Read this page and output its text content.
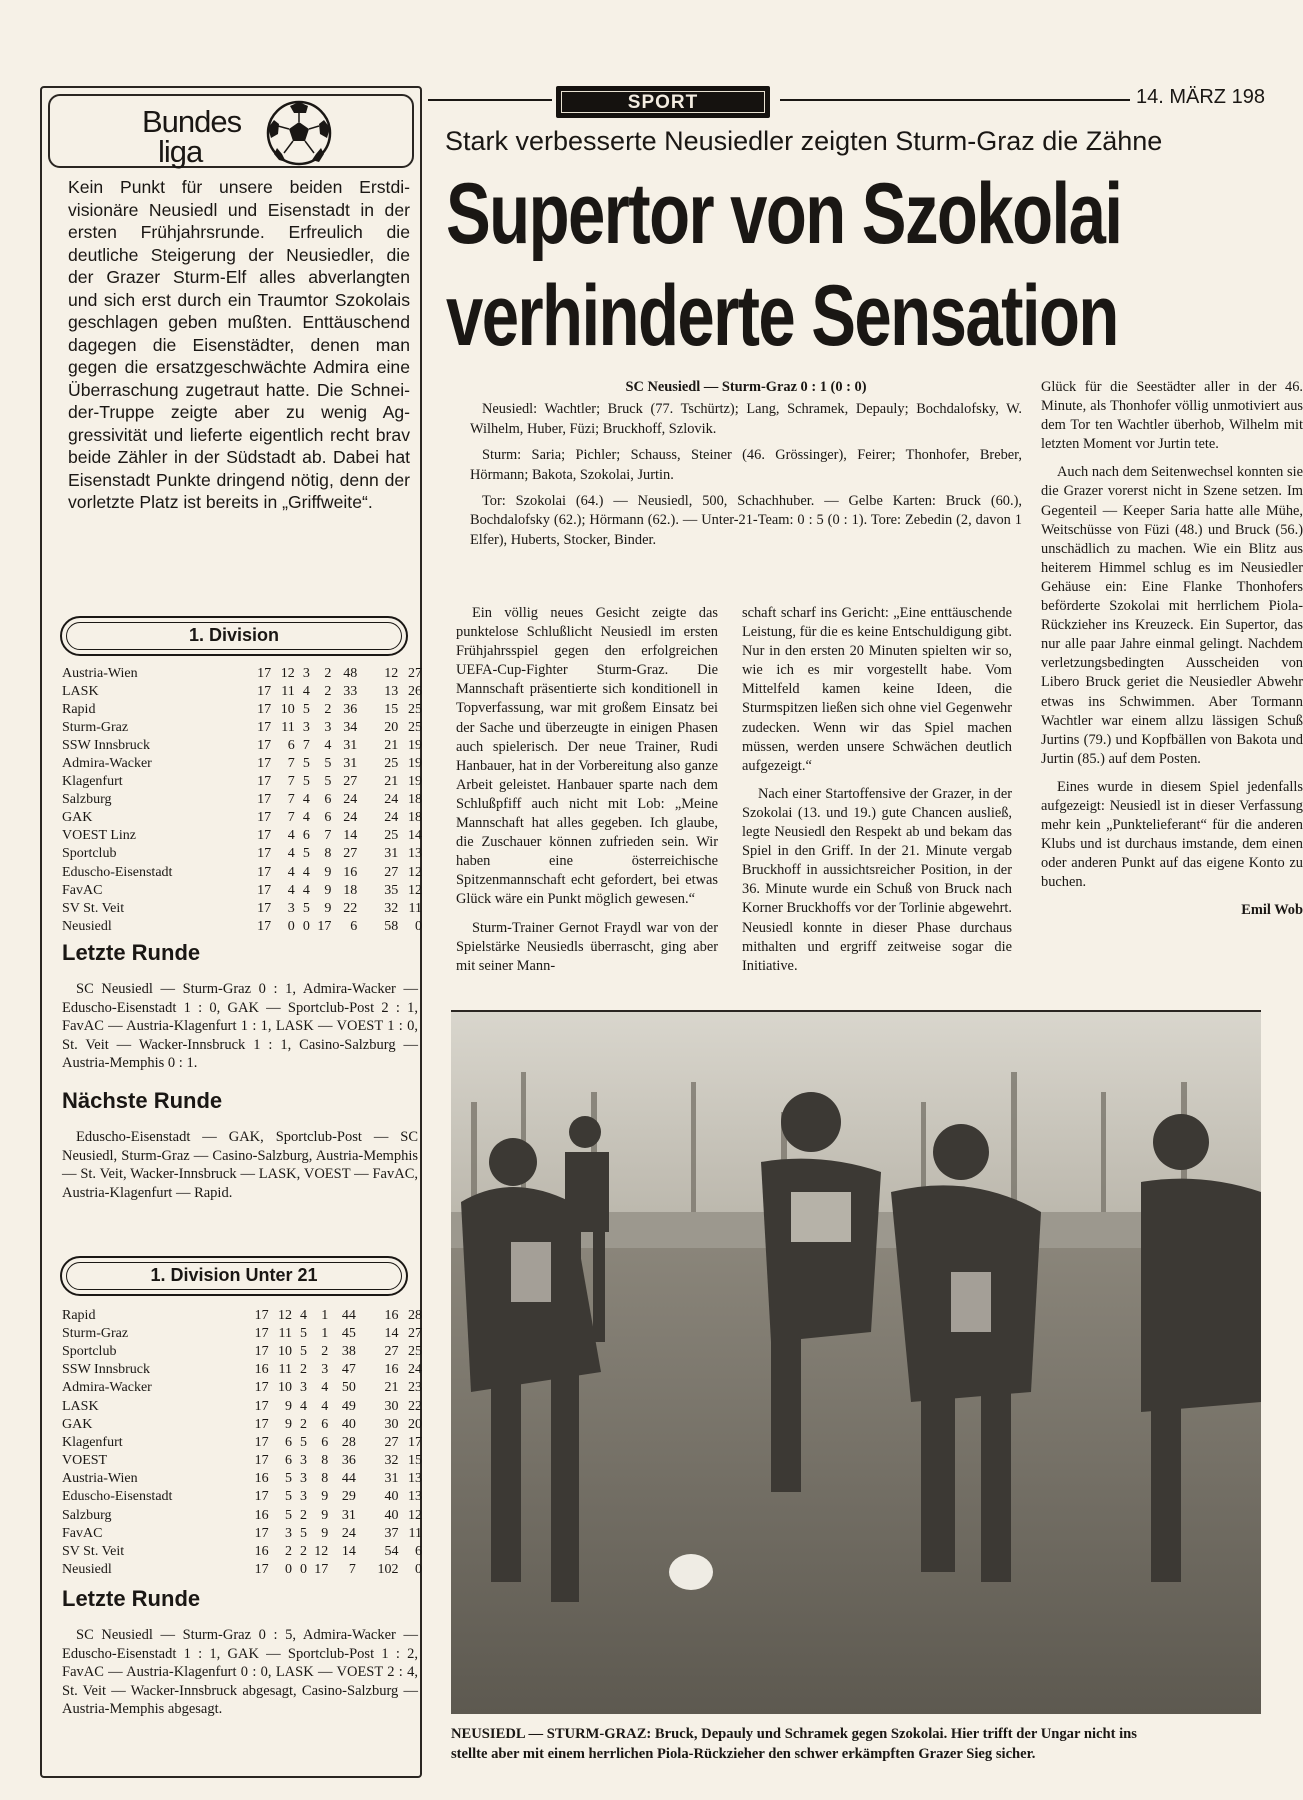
Bundes
liga
Kein Punkt für unsere beiden Erstdivisionäre Neusiedl und Eisenstadt in der ersten Frühjahrsrunde. Erfreulich die deutliche Steigerung der Neusiedler, die der Grazer Sturm-Elf alles abverlangten und sich erst durch ein Traumtor Szokolais geschlagen geben mußten. Enttäuschend dagegen die Eisenstädter, denen man gegen die ersatzgeschwächte Admira eine Überraschung zugetraut hatte. Die Schneider-Truppe zeigte aber zu wenig Aggressivität und lieferte eigentlich recht brav beide Zähler in der Südstadt ab. Dabei hat Eisenstadt Punkte dringend nötig, denn der vorletzte Platz ist bereits in „Griffweite“.
1. Division
Austria-Wien	17	12	3	2	48	12	27
LASK	17	11	4	2	33	13	26
Rapid	17	10	5	2	36	15	25
Sturm-Graz	17	11	3	3	34	20	25
SSW Innsbruck	17	6	7	4	31	21	19
Admira-Wacker	17	7	5	5	31	25	19
Klagenfurt	17	7	5	5	27	21	19
Salzburg	17	7	4	6	24	24	18
GAK	17	7	4	6	24	24	18
VOEST Linz	17	4	6	7	14	25	14
Sportclub	17	4	5	8	27	31	13
Eduscho-Eisenstadt	17	4	4	9	16	27	12
FavAC	17	4	4	9	18	35	12
SV St. Veit	17	3	5	9	22	32	11
Neusiedl	17	0	0	17	6	58	0
Letzte Runde
SC Neusiedl — Sturm-Graz 0 : 1, Admira-Wacker — Eduscho-Eisenstadt 1 : 0, GAK — Sportclub-Post 2 : 1, FavAC — Austria-Klagenfurt 1 : 1, LASK — VOEST 1 : 0, St. Veit — Wacker-Innsbruck 1 : 1, Casino-Salzburg — Austria-Memphis 0 : 1.
Nächste Runde
Eduscho-Eisenstadt — GAK, Sportclub-Post — SC Neusiedl, Sturm-Graz — Casino-Salzburg, Austria-Memphis — St. Veit, Wacker-Innsbruck — LASK, VOEST — FavAC, Austria-Klagenfurt — Rapid.
1. Division Unter 21
Rapid	17	12	4	1	44	16	28
Sturm-Graz	17	11	5	1	45	14	27
Sportclub	17	10	5	2	38	27	25
SSW Innsbruck	16	11	2	3	47	16	24
Admira-Wacker	17	10	3	4	50	21	23
LASK	17	9	4	4	49	30	22
GAK	17	9	2	6	40	30	20
Klagenfurt	17	6	5	6	28	27	17
VOEST	17	6	3	8	36	32	15
Austria-Wien	16	5	3	8	44	31	13
Eduscho-Eisenstadt	17	5	3	9	29	40	13
Salzburg	16	5	2	9	31	40	12
FavAC	17	3	5	9	24	37	11
SV St. Veit	16	2	2	12	14	54	6
Neusiedl	17	0	0	17	7	102	0
Letzte Runde
SC Neusiedl — Sturm-Graz 0 : 5, Admira-Wacker — Eduscho-Eisenstadt 1 : 1, GAK — Sportclub-Post 1 : 2, FavAC — Austria-Klagenfurt 0 : 0, LASK — VOEST 2 : 4, St. Veit — Wacker-Innsbruck abgesagt, Casino-Salzburg — Austria-Memphis abgesagt.
SPORT	14. MÄRZ 198
Stark verbesserte Neusiedler zeigten Sturm-Graz die Zähne
Supertor von Szokolai
verhinderte Sensation

SC Neusiedl — Sturm-Graz 0 : 1 (0 : 0)

Neusiedl: Wachtler; Bruck (77. Tschürtz); Lang, Schramek, Depauly; Bochdalofsky, W. Wilhelm, Huber, Füzi; Bruckhoff, Szlovik.

Sturm: Saria; Pichler; Schauss, Steiner (46. Grössinger), Feirer; Thonhofer, Breber, Hörmann; Bakota, Szokolai, Jurtin.

Tor: Szokolai (64.) — Neusiedl, 500, Schachhuber. — Gelbe Karten: Bruck (60.), Bochdalofsky (62.); Hörmann (62.). — Unter-21-Team: 0 : 5 (0 : 1). Tore: Zebedin (2, davon 1 Elfer), Huberts, Stocker, Binder.

Ein völlig neues Gesicht zeigte das punktelose Schlußlicht Neusiedl im ersten Frühjahrsspiel gegen den erfolgreichen UEFA-Cup-Fighter Sturm-Graz. Die Mannschaft präsentierte sich konditionell in Topverfassung, war mit großem Einsatz bei der Sache und überzeugte in einigen Phasen auch spielerisch. Der neue Trainer, Rudi Hanbauer, hat in der Vorbereitung also ganze Arbeit geleistet. Hanbauer sparte nach dem Schlußpfiff auch nicht mit Lob: „Meine Mannschaft hat alles gegeben. Ich glaube, die Zuschauer können zufrieden sein. Wir haben eine österreichische Spitzenmannschaft echt gefordert, bei etwas Glück wäre ein Punkt möglich gewesen.“

Sturm-Trainer Gernot Fraydl war von der Spielstärke Neusiedls überrascht, ging aber mit seiner Mann-

schaft scharf ins Gericht: „Eine enttäuschende Leistung, für die es keine Entschuldigung gibt. Nur in den ersten 20 Minuten spielten wir so, wie ich es mir vorgestellt habe. Vom Mittelfeld kamen keine Ideen, die Sturmspitzen ließen sich ohne viel Gegenwehr zudecken. Wenn wir das Spiel machen müssen, werden unsere Schwächen deutlich aufgezeigt.“

Nach einer Startoffensive der Grazer, in der Szokolai (13. und 19.) gute Chancen ausließ, legte Neusiedl den Respekt ab und bekam das Spiel in den Griff. In der 21. Minute vergab Bruckhoff in aussichtsreicher Position, in der 36. Minute wurde ein Schuß von Bruck nach Korner Bruckhoffs vor der Torlinie abgewehrt. Neusiedl konnte in dieser Phase durchaus mithalten und ergriff zeitweise sogar die Initiative.

Glück für die Seestädter aller in der 46. Minute, als Thonhofer völlig unmotiviert aus dem Tor ten Wachtler überhob, Wilhelm mit letzten Moment vor Jurtin tete.

Auch nach dem Seitenwechsel konnten sie die Grazer vorerst nicht in Szene setzen. Im Gegenteil — Keeper Saria hatte alle Mühe, Weitschüsse von Füzi (48.) und Bruck (56.) unschädlich zu machen. Wie ein Blitz aus heiterem Himmel schlug es im Neusiedler Gehäuse ein: Eine Flanke Thonhofers beförderte Szokolai mit herrlichem Piola-Rückzieher ins Kreuzeck. Ein Supertor, das nur alle paar Jahre einmal gelingt. Nachdem verletzungsbedingten Ausscheiden von Libero Bruck geriet die Neusiedler Abwehr etwas ins Schwimmen. Aber Tormann Wachtler war einem allzu lässigen Schuß Jurtins (79.) und Kopfbällen von Bakota und Jurtin (85.) auf dem Posten.

Eines wurde in diesem Spiel jedenfalls aufgezeigt: Neusiedl ist in dieser Verfassung mehr kein „Punktelieferant“ für die anderen Klubs und ist durchaus imstande, dem einen oder anderen Punkt auf das eigene Konto zu buchen.

Emil Wob
NEUSIEDL — STURM-GRAZ: Bruck, Depauly und Schramek gegen Szokolai. Hier trifft der Ungar nicht ins
stellte aber mit einem herrlichen Piola-Rückzieher den schwer erkämpften Grazer Sieg sicher.
